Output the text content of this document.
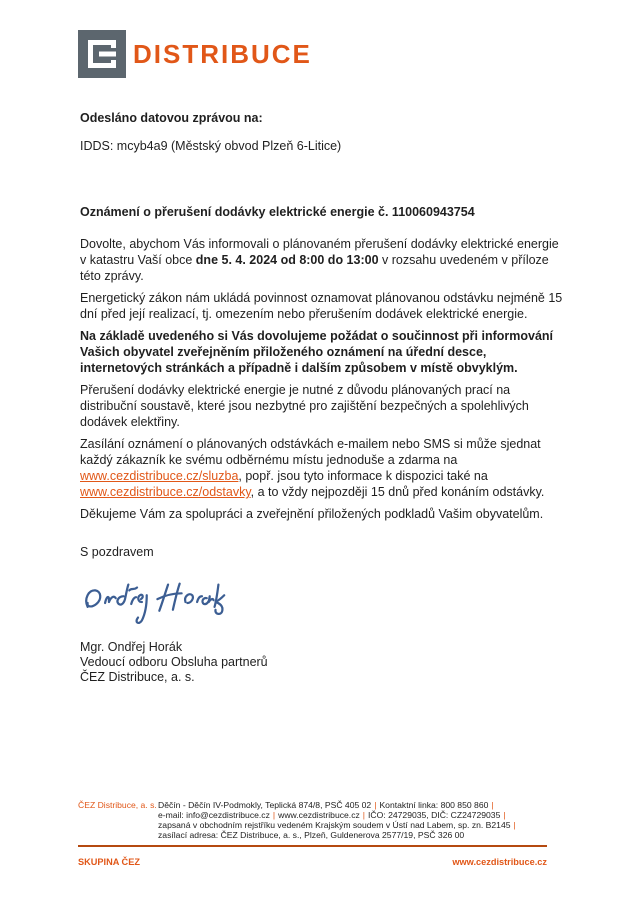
DISTRIBUCE
Odesláno datovou zprávou na:
IDDS: mcyb4a9 (Městský obvod Plzeň 6-Litice)
Oznámení o přerušení dodávky elektrické energie č. 110060943754

Dovolte, abychom Vás informovali o plánovaném přerušení dodávky elektrické energie v katastru Vaší obce dne 5. 4. 2024 od 8:00 do 13:00 v rozsahu uvedeném v příloze této zprávy.

Energetický zákon nám ukládá povinnost oznamovat plánovanou odstávku nejméně 15 dní před její realizací, tj. omezením nebo přerušením dodávek elektrické energie.

Na základě uvedeného si Vás dovolujeme požádat o součinnost při informování Vašich obyvatel zveřejněním přiloženého oznámení na úřední desce, internetových stránkách a případně i dalším způsobem v místě obvyklým.

Přerušení dodávky elektrické energie je nutné z důvodu plánovaných prací na distribuční soustavě, které jsou nezbytné pro zajištění bezpečných a spolehlivých dodávek elektřiny.

Zasílání oznámení o plánovaných odstávkách e-mailem nebo SMS si může sjednat každý zákazník ke svému odběrnému místu jednoduše a zdarma na www.cezdistribuce.cz/sluzba, popř. jsou tyto informace k dispozici také na www.cezdistribuce.cz/odstavky, a to vždy nejpozději 15 dnů před konáním odstávky.

Děkujeme Vám za spolupráci a zveřejnění přiložených podkladů Vašim obyvatelům.

S pozdravem

Mgr. Ondřej Horák
Vedoucí odboru Obsluha partnerů
ČEZ Distribuce, a. s.
ČEZ Distribuce, a. s. Děčín - Děčín IV-Podmokly, Teplická 874/8, PSČ 405 02 | Kontaktní linka: 800 850 860 |
e-mail: info@cezdistribuce.cz | www.cezdistribuce.cz | IČO: 24729035, DIČ: CZ24729035 |
zapsaná v obchodním rejstříku vedeném Krajským soudem v Ústí nad Labem, sp. zn. B2145 |
zasílací adresa: ČEZ Distribuce, a. s., Plzeň, Guldenerova 2577/19, PSČ 326 00
SKUPINA ČEZ	www.cezdistribuce.cz
